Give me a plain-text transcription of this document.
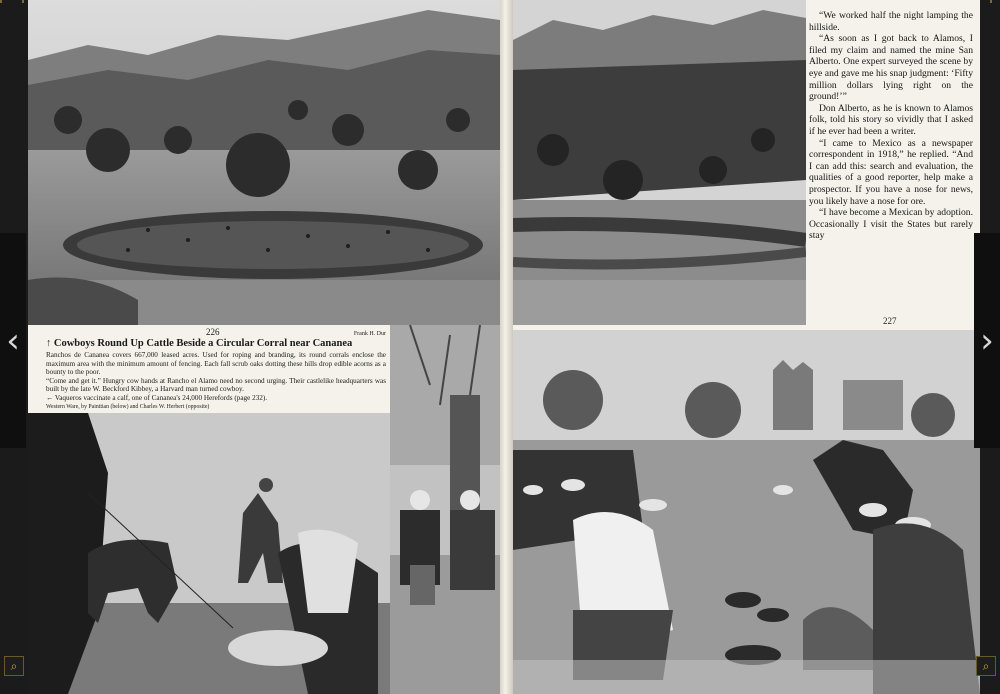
226	Frank H. Dur
↑ Cowboys Round Up Cattle Beside a Circular Corral near Cananea
Ranchos de Cananea covers 667,000 leased acres. Used for roping and branding, its round corrals enclose the maximum area with the minimum amount of fencing. Each fall scrub oaks dotting these hills drop edible acorns as a bounty to the poor.
“Come and get it.” Hungry cow hands at Rancho el Alamo need no second urging. Their castlelike headquarters was built by the late W. Beckford Kibbey, a Harvard man turned cowboy.
← Vaqueros vaccinate a calf, one of Cananea's 24,000 Herefords (page 232).
Western Ware, by Painitian (below) and Charles W. Herbert (opposite)

“We worked half the night lamping the hillside.

“As soon as I got back to Alamos, I filed my claim and named the mine San Alberto. One expert surveyed the scene by eye and gave me his snap judgment: ‘Fifty million dollars lying right on the ground!’”

Don Alberto, as he is known to Alamos folk, told his story so vividly that I asked if he ever had been a writer.

“I came to Mexico as a newspaper correspondent in 1918,” he replied. “And I can add this: search and evaluation, the qualities of a good reporter, help make a prospector. If you have a nose for news, you likely have a nose for ore.

“I have become a Mexican by adoption. Occasionally I visit the States but rarely stay

227
‹	›
⌕	⌕
